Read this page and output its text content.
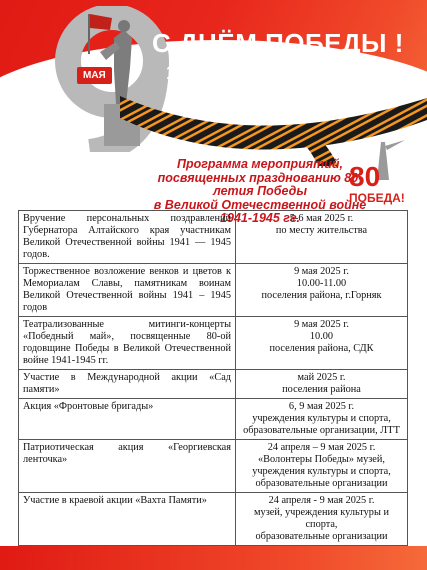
МАЯ
С ДНЁМ ПОБЕДЫ !
1945-2025
Программа мероприятий,
посвященных празднованию 80-летия Победы
в Великой Отечественной войне 1941-1945 гг.
80
ПОБЕДА!
Вручение персональных поздравлений Губернатора Алтайского края участникам Великой Отечественной войны 1941 — 1945 годов.	5-6 мая 2025 г.
по месту жительства

Торжественное возложение венков и цветов к Мемориалам Славы, памятникам воинам Великой Отечественной войны 1941 – 1945 годов	9 мая 2025 г.
10.00-11.00
поселения района, г.Горняк

Театрализованные митинги-концерты «Победный май», посвященные 80-ой годовщине Победы в Великой Отечественной войне 1941-1945 гг.	9 мая 2025 г.
10.00
поселения района, СДК

Участие в Международной акции «Сад памяти»	май 2025 г.
поселения района

Акция «Фронтовые бригады»	6, 9 мая 2025 г.
учреждения культуры и спорта,
образовательные организации, ЛТТ

Патриотическая акция «Георгиевская ленточка»	24 апреля – 9 мая 2025 г.
«Волонтеры Победы» музей,
учреждения культуры и спорта,
образовательные организации

Участие в краевой акции «Вахта Памяти»	24 апреля - 9 мая 2025 г.
музей, учреждения культуры и спорта,
образовательные организации
